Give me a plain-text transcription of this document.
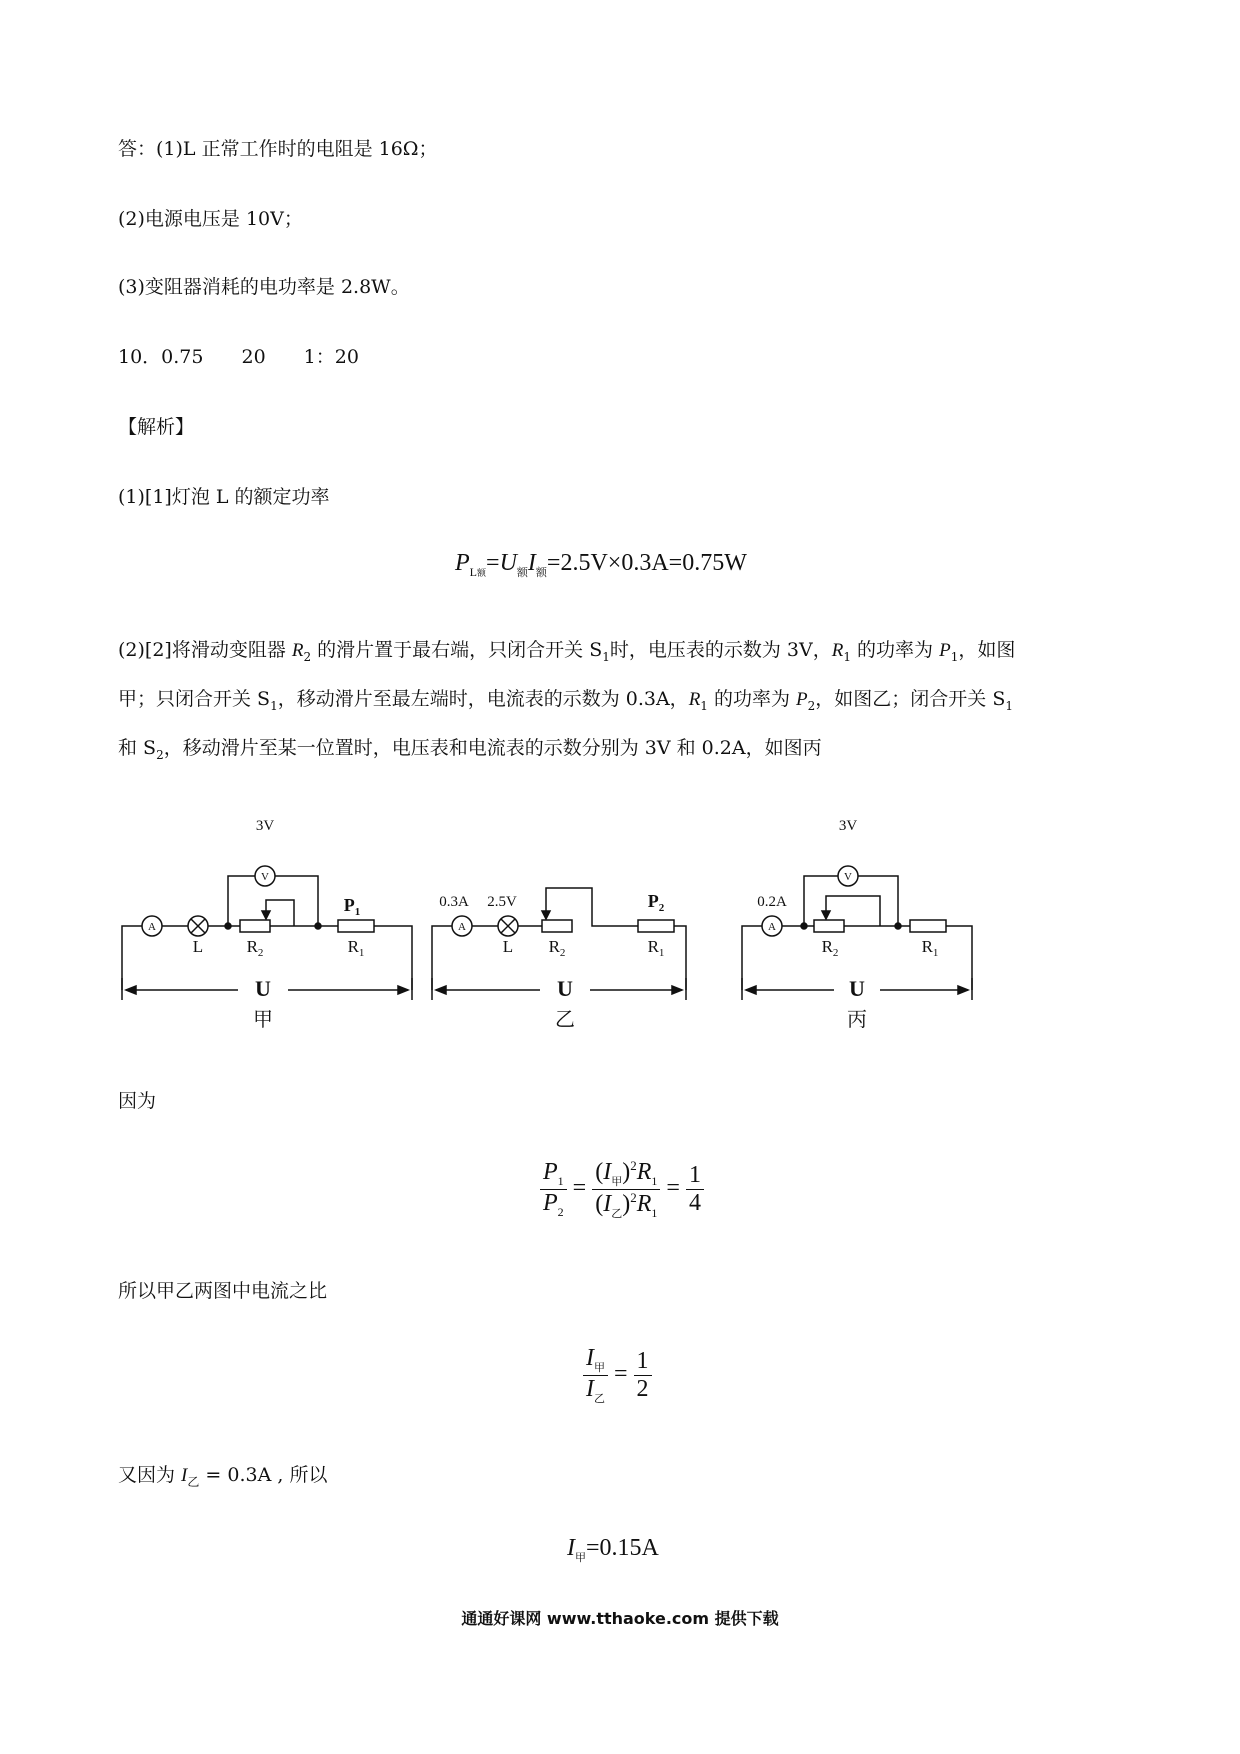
答：(1)L 正常工作时的电阻是 16Ω；
(2)电源电压是 10V；
(3)变阻器消耗的电功率是 2.8W。
10．0.75　　20　　1：20
【解析】
(1)[1]灯泡 L 的额定功率
$P_{L额}=U_额I_额=2.5V\times 0.3A=0.75W$
(2)[2]将滑动变阻器 $R_2$ 的滑片置于最右端，只闭合开关 $S_1$时，电压表的示数为 3V，$R_1$ 的功率为 $P_1$，如图
甲；只闭合开关 $S_1$，移动滑片至最左端时，电流表的示数为 0.3A，$R_1$ 的功率为 $P_2$，如图乙；闭合开关 $S_1$
和 $S_2$，移动滑片至某一位置时，电压表和电流表的示数分别为 3V 和 0.2A，如图丙
A
V
3V
L	$R_2$
$P_1$
$R_1$
U
甲
A
0.3A 2.5V
L $R_2$
$P_2$
$R_1$
U
乙
A
V
3V
0.2A
$R_2$	$R_1$
U
丙
因为
$\frac{P_1}{P_2} = \frac{(I_甲)^2R_1}{(I_乙)^2R_1} = \frac{1}{4}$
所以甲乙两图中电流之比
$\frac{I_甲}{I_乙} = \frac{1}{2}$
又因为 $I_乙 = 0.3A$ , 所以
$I_甲=0.15A$
通通好课网 www.tthaoke.com 提供下载
